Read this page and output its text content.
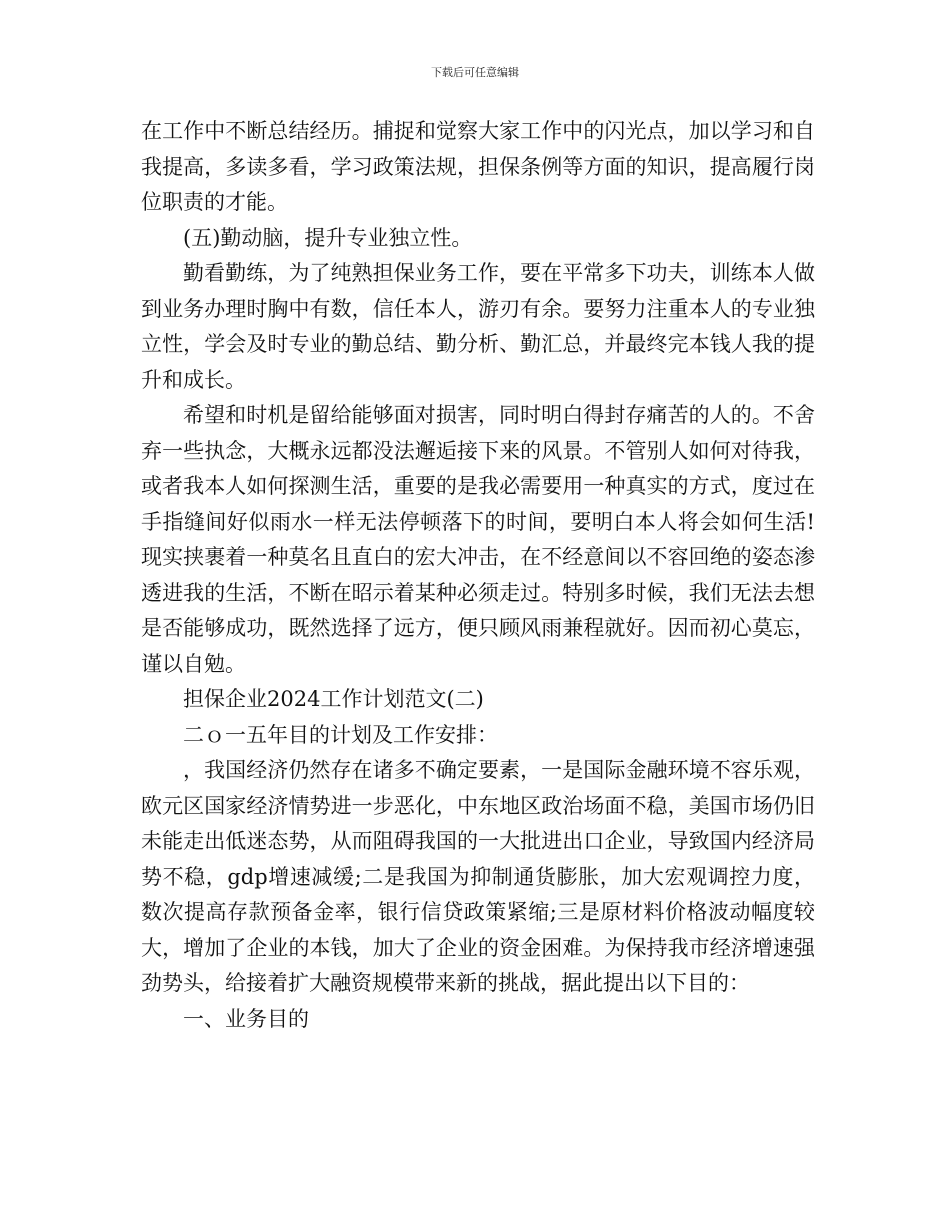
下载后可任意编辑

在工作中不断总结经历。捕捉和觉察大家工作中的闪光点，加以学习和自我提高，多读多看，学习政策法规，担保条例等方面的知识，提高履行岗位职责的才能。

(五)勤动脑，提升专业独立性。

勤看勤练，为了纯熟担保业务工作，要在平常多下功夫，训练本人做到业务办理时胸中有数，信任本人，游刃有余。要努力注重本人的专业独立性，学会及时专业的勤总结、勤分析、勤汇总，并最终完本钱人我的提升和成长。

希望和时机是留给能够面对损害，同时明白得封存痛苦的人的。不舍弃一些执念，大概永远都没法邂逅接下来的风景。不管别人如何对待我，或者我本人如何探测生活，重要的是我必需要用一种真实的方式，度过在手指缝间好似雨水一样无法停顿落下的时间，要明白本人将会如何生活!现实挟裹着一种莫名且直白的宏大冲击，在不经意间以不容回绝的姿态渗透进我的生活，不断在昭示着某种必须走过。特别多时候，我们无法去想是否能够成功，既然选择了远方，便只顾风雨兼程就好。因而初心莫忘，谨以自勉。

担保企业2024工作计划范文(二)

二ｏ一五年目的计划及工作安排：

，我国经济仍然存在诸多不确定要素，一是国际金融环境不容乐观，欧元区国家经济情势进一步恶化，中东地区政治场面不稳，美国市场仍旧未能走出低迷态势，从而阻碍我国的一大批进出口企业，导致国内经济局势不稳，gdp增速减缓;二是我国为抑制通货膨胀，加大宏观调控力度，数次提高存款预备金率，银行信贷政策紧缩;三是原材料价格波动幅度较大，增加了企业的本钱，加大了企业的资金困难。为保持我市经济增速强劲势头，给接着扩大融资规模带来新的挑战，据此提出以下目的：

一、业务目的
